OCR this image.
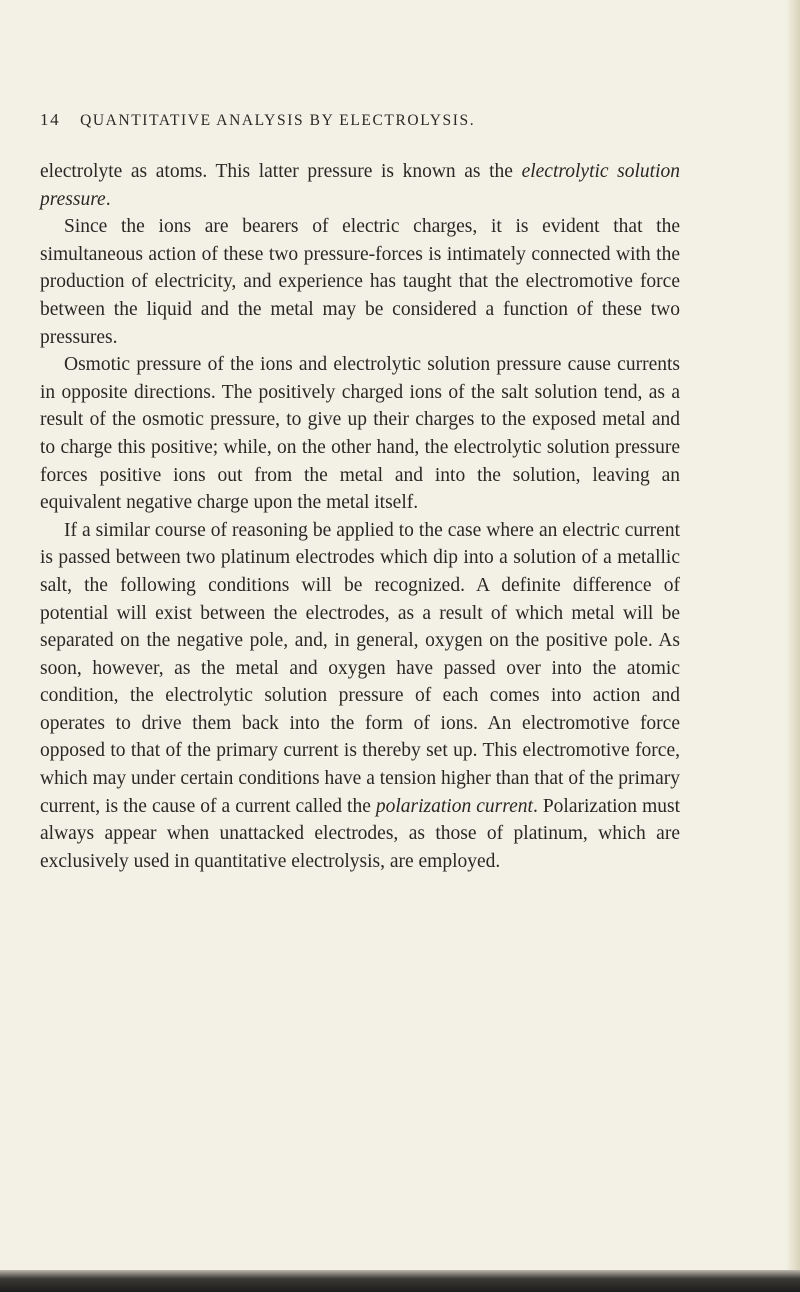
14 QUANTITATIVE ANALYSIS BY ELECTROLYSIS.

electrolyte as atoms. This latter pressure is known as the electrolytic solution pressure.

Since the ions are bearers of electric charges, it is evident that the simultaneous action of these two pressure-forces is intimately connected with the production of electricity, and experience has taught that the electromotive force between the liquid and the metal may be considered a function of these two pressures.

Osmotic pressure of the ions and electrolytic solution pressure cause currents in opposite directions. The positively charged ions of the salt solution tend, as a result of the osmotic pressure, to give up their charges to the exposed metal and to charge this positive; while, on the other hand, the electrolytic solution pressure forces positive ions out from the metal and into the solution, leaving an equivalent negative charge upon the metal itself.

If a similar course of reasoning be applied to the case where an electric current is passed between two platinum electrodes which dip into a solution of a metallic salt, the following conditions will be recognized. A definite difference of potential will exist between the electrodes, as a result of which metal will be separated on the negative pole, and, in general, oxygen on the positive pole. As soon, however, as the metal and oxygen have passed over into the atomic condition, the electrolytic solution pressure of each comes into action and operates to drive them back into the form of ions. An electromotive force opposed to that of the primary current is thereby set up. This electromotive force, which may under certain conditions have a tension higher than that of the primary current, is the cause of a current called the polarization current. Polarization must always appear when unattacked electrodes, as those of platinum, which are exclusively used in quantitative electrolysis, are employed.
